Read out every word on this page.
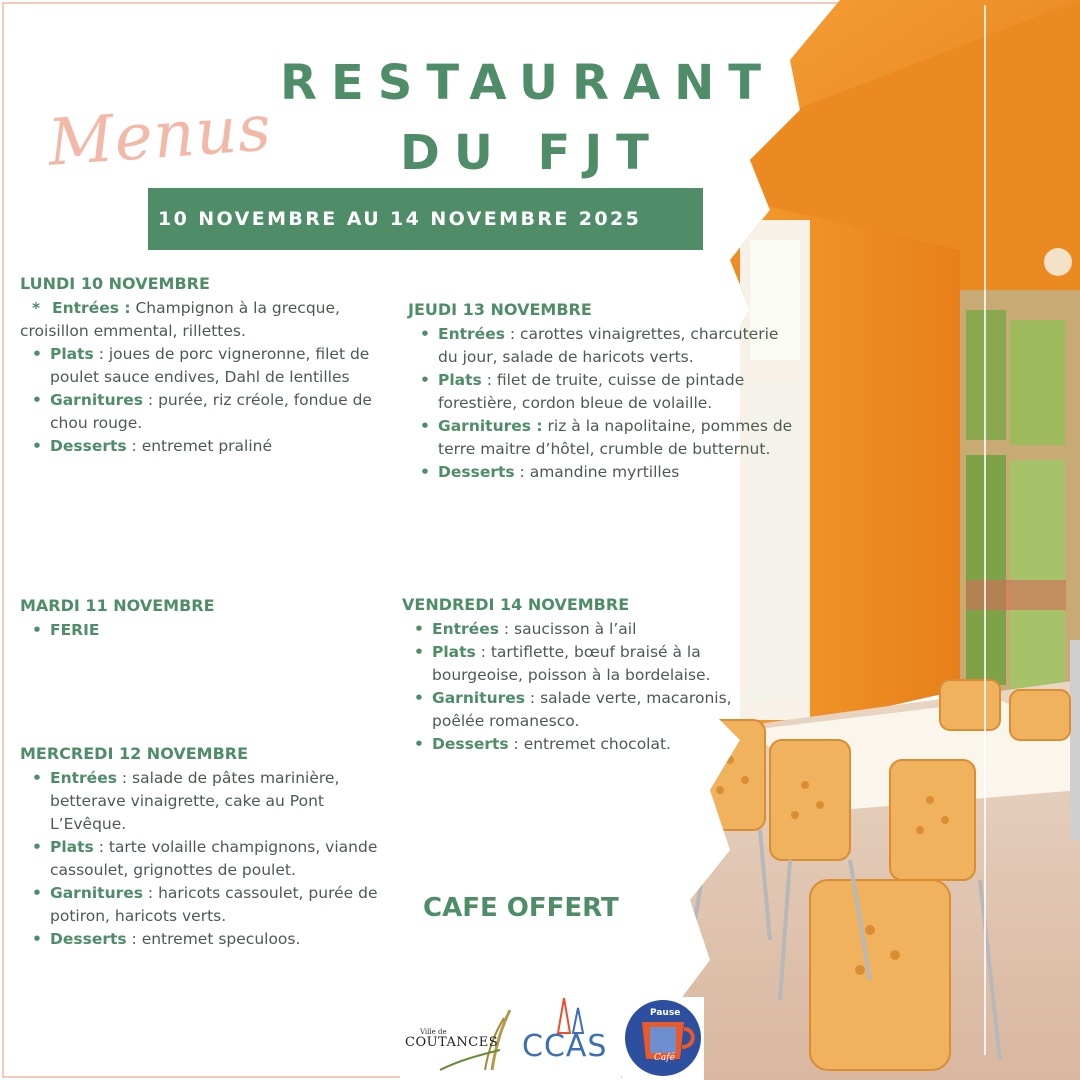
Menus
RESTAURANT
DU FJT
10 NOVEMBRE AU 14 NOVEMBRE 2025
LUNDI 10 NOVEMBRE
* Entrées : Champignon à la grecque, croisillon emmental, rillettes.
• Plats : joues de porc vigneronne, filet de poulet sauce endives, Dahl de lentilles
• Garnitures : purée, riz créole, fondue de chou rouge.
• Desserts : entremet praliné
MARDI 11 NOVEMBRE
• FERIE
MERCREDI 12 NOVEMBRE
• Entrées : salade de pâtes marinière, betterave vinaigrette, cake au Pont L’Evêque.
• Plats : tarte volaille champignons, viande cassoulet, grignottes de poulet.
• Garnitures : haricots cassoulet, purée de potiron, haricots verts.
• Desserts : entremet speculoos.
JEUDI 13 NOVEMBRE
• Entrées : carottes vinaigrettes, charcuterie du jour, salade de haricots verts.
• Plats : filet de truite, cuisse de pintade forestière, cordon bleue de volaille.
• Garnitures : riz à la napolitaine, pommes de terre maitre d’hôtel, crumble de butternut.
• Desserts : amandine myrtilles
VENDREDI 14 NOVEMBRE
• Entrées : saucisson à l’ail
• Plats : tartiflette, bœuf braisé à la bourgeoise, poisson à la bordelaise.
• Garnitures : salade verte, macaronis, poêlée romanesco.
• Desserts : entremet chocolat.
CAFE OFFERT
Ville de
COUTANCES CCAS
Pause
Café
